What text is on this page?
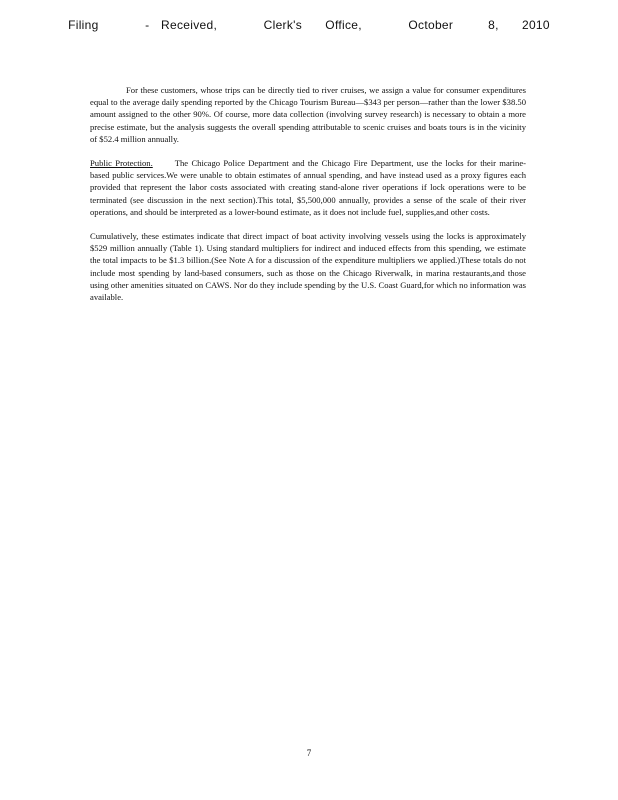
Filing    - Received,    Clerk's  Office,    October   8,  2010

For these customers, whose trips can be directly tied to river cruises, we assign a value for consumer expenditures equal to the average daily spending reported by the Chicago Tourism Bureau—$343 per person—rather than the lower $38.50 amount assigned to the other 90%. Of course, more data collection (involving survey research) is necessary to obtain a more precise estimate, but the analysis suggests the overall spending attributable to scenic cruises and boats tours is in the vicinity of $52.4 million annually.

Public Protection.	The Chicago Police Department and the Chicago Fire Department, use the locks for their marine-based public services.We were unable to obtain estimates of annual spending, and have instead used as a proxy figures each provided that represent the labor costs associated with creating stand-alone river operations if lock operations were to be terminated (see discussion in the next section).This total, $5,500,000 annually, provides a sense of the scale of their river operations, and should be interpreted as a lower-bound estimate, as it does not include fuel, supplies,and other costs.

Cumulatively, these estimates indicate that direct impact of boat activity involving vessels using the locks is approximately $529 million annually (Table 1). Using standard multipliers for indirect and induced effects from this spending, we estimate the total impacts to be $1.3 billion.(See Note A for a discussion of the expenditure multipliers we applied.)These totals do not include most spending by land-based consumers, such as those on the Chicago Riverwalk, in marina restaurants,and those using other amenities situated on CAWS. Nor do they include spending by the U.S. Coast Guard,for which no information was available.

7
